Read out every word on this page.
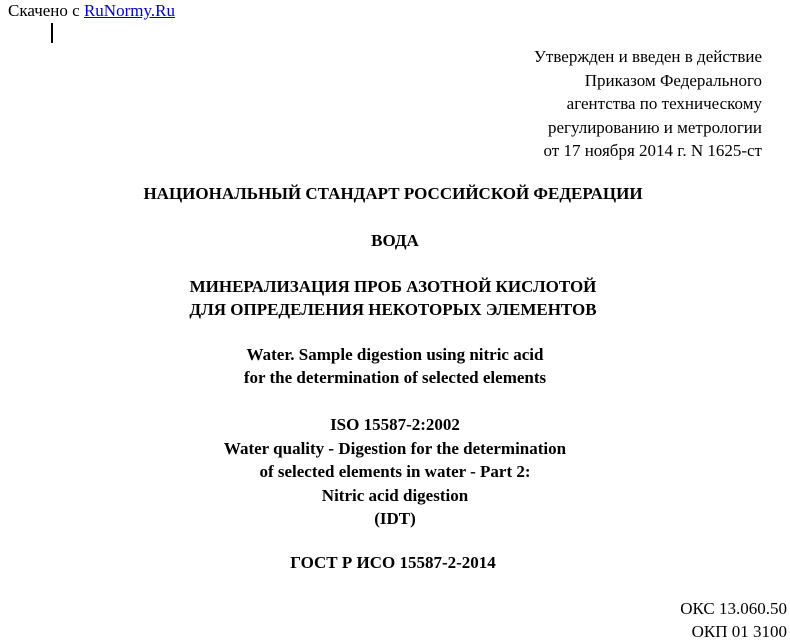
Скачено с RuNormy.Ru
Утвержден и введен в действие
Приказом Федерального
агентства по техническому
регулированию и метрологии
от 17 ноября 2014 г. N 1625-ст
НАЦИОНАЛЬНЫЙ СТАНДАРТ РОССИЙСКОЙ ФЕДЕРАЦИИ
ВОДА
МИНЕРАЛИЗАЦИЯ ПРОБ АЗОТНОЙ КИСЛОТОЙ
ДЛЯ ОПРЕДЕЛЕНИЯ НЕКОТОРЫХ ЭЛЕМЕНТОВ
Water. Sample digestion using nitric acid
for the determination of selected elements
ISO 15587-2:2002
Water quality - Digestion for the determination
of selected elements in water - Part 2:
Nitric acid digestion
(IDT)
ГОСТ Р ИСО 15587-2-2014
ОКС 13.060.50
ОКП 01 3100
